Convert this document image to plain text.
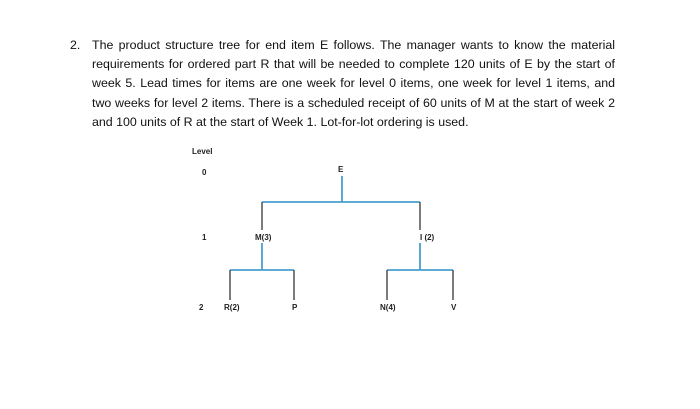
2. The product structure tree for end item E follows. The manager wants to know the material requirements for ordered part R that will be needed to complete 120 units of E by the start of week 5. Lead times for items are one week for level 0 items, one week for level 1 items, and two weeks for level 2 items. There is a scheduled receipt of 60 units of M at the start of week 2 and 100 units of R at the start of Week 1. Lot-for-lot ordering is used.
Level
0
1
2
E
M(3)	I (2)
R(2)	P	N(4)	V
